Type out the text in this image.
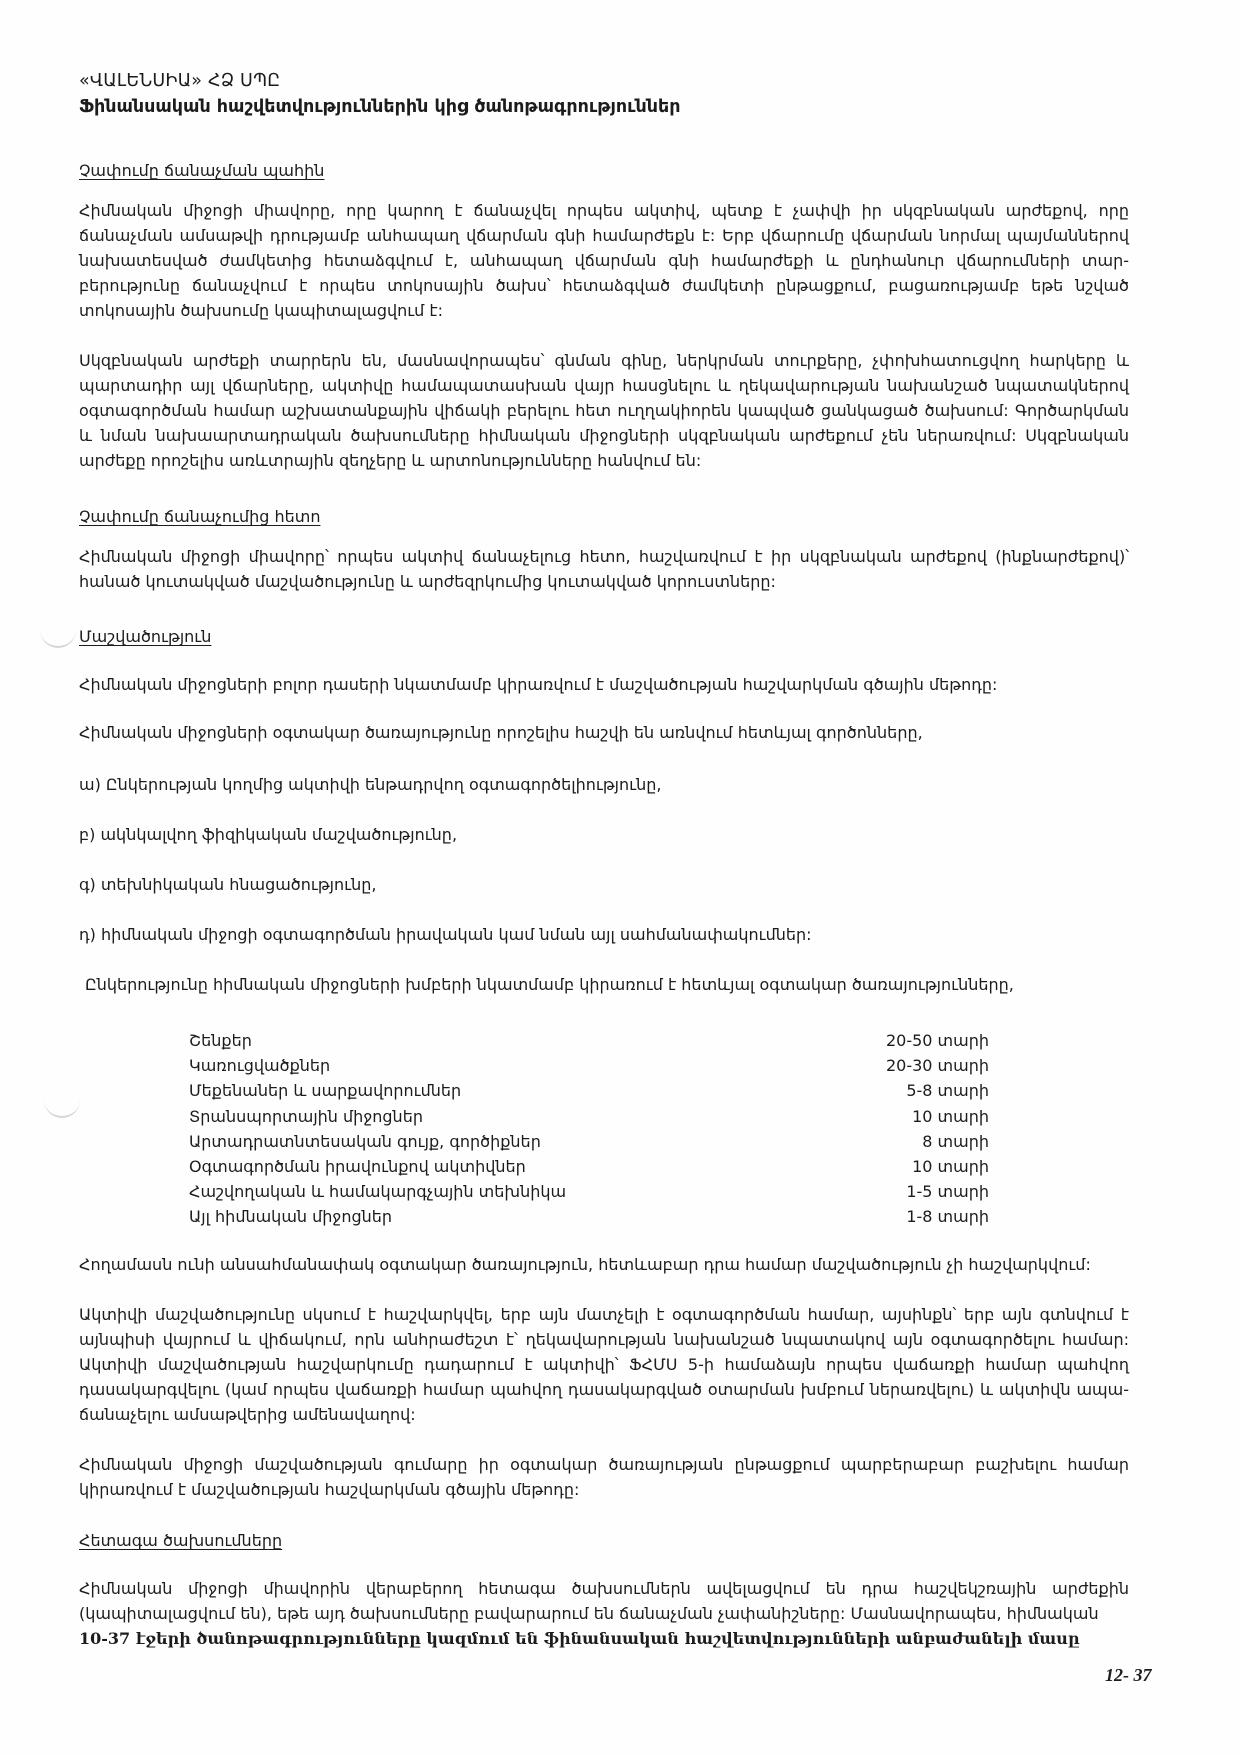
«ՎԱԼԵՆՍԻԱ» ՀՁ ՍՊԸ

Ֆինանսական հաշվետվություններին կից ծանոթագրություններ

Չափումը ճանաչման պահին

Հիմնական միջոցի միավորը, որը կարող է ճանաչվել որպես ակտիվ, պետք է չափվի իր սկզբնական արժեքով, որը ճանաչման ամսաթվի դրությամբ անհապաղ վճարման գնի համարժեքն է: Երբ վճարումը վճարման նորմալ պայմաններով նախատեսված ժամկետից հետաձգվում է, անհապաղ վճարման գնի համարժեքի և ընդհանուր վճարումների տար-բերությունը ճանաչվում է որպես տոկոսային ծախս՝ հետաձգված ժամկետի ընթացքում, բացառությամբ եթե նշված տոկոսային ծախսումը կապիտալացվում է:

Սկզբնական արժեքի տարրերն են, մասնավորապես՝ գնման գինը, ներկրման տուրքերը, չփոխհատուցվող հարկերը և պարտադիր այլ վճարները, ակտիվը համապատասխան վայր հասցնելու և ղեկավարության նախանշած նպատակներով օգտագործման համար աշխատանքային վիճակի բերելու հետ ուղղակիորեն կապված ցանկացած ծախսում: Գործարկման և նման նախաարտադրական ծախսումները հիմնական միջոցների սկզբնական արժեքում չեն ներառվում: Սկզբնական արժեքը որոշելիս առևտրային զեղչերը և արտոնությունները հանվում են:

Չափումը ճանաչումից հետո

Հիմնական միջոցի միավորը՝ որպես ակտիվ ճանաչելուց հետո, հաշվառվում է իր սկզբնական արժեքով (ինքնարժեքով)՝ հանած կուտակված մաշվածությունը և արժեզրկումից կուտակված կորուստները:

Մաշվածություն

Հիմնական միջոցների բոլոր դասերի նկատմամբ կիրառվում է մաշվածության հաշվարկման գծային մեթոդը:

Հիմնական միջոցների օգտակար ծառայությունը որոշելիս հաշվի են առնվում հետևյալ գործոնները,

ա) Ընկերության կողմից ակտիվի ենթադրվող օգտագործելիությունը,

բ) ակնկալվող ֆիզիկական մաշվածությունը,

գ) տեխնիկական հնացածությունը,

դ) հիմնական միջոցի օգտագործման իրավական կամ նման այլ սահմանափակումներ:

Ընկերությունը հիմնական միջոցների խմբերի նկատմամբ կիրառում է հետևյալ օգտակար ծառայությունները,

Շենքեր	20-50 տարի
Կառուցվածքներ	20-30 տարի
Մեքենաներ և սարքավորումներ	5-8 տարի
Տրանսպորտային միջոցներ	10 տարի
Արտադրատնտեսական գույք, գործիքներ	8 տարի
Օգտագործման իրավունքով ակտիվներ	10 տարի
Հաշվողական և համակարգչային տեխնիկա	1-5 տարի
Այլ հիմնական միջոցներ	1-8 տարի

Հողամասն ունի անսահմանափակ օգտակար ծառայություն, հետևաբար դրա համար մաշվածություն չի հաշվարկվում:

Ակտիվի մաշվածությունը սկսում է հաշվարկվել, երբ այն մատչելի է օգտագործման համար, այսինքն՝ երբ այն գտնվում է այնպիսի վայրում և վիճակում, որն անհրաժեշտ է՝ ղեկավարության նախանշած նպատակով այն օգտագործելու համար: Ակտիվի մաշվածության հաշվարկումը դադարում է ակտիվի՝ ՖՀՄՍ 5-ի համաձայն որպես վաճառքի համար պահվող դասակարգվելու (կամ որպես վաճառքի համար պահվող դասակարգված օտարման խմբում ներառվելու) և ակտիվն ապա-ճանաչելու ամսաթվերից ամենավաղով:

Հիմնական միջոցի մաշվածության գումարը իր օգտակար ծառայության ընթացքում պարբերաբար բաշխելու համար կիրառվում է մաշվածության հաշվարկման գծային մեթոդը:

Հետագա ծախսումները

Հիմնական միջոցի միավորին վերաբերող հետագա ծախսումներն ավելացվում են դրա հաշվեկշռային արժեքին (կապիտալացվում են), եթե այդ ծախսումները բավարարում են ճանաչման չափանիշները: Մասնավորապես, հիմնական

10-37 էջերի ծանոթագրությունները կազմում են ֆինանսական հաշվետվությունների անբաժանելի մասը

12- 37
